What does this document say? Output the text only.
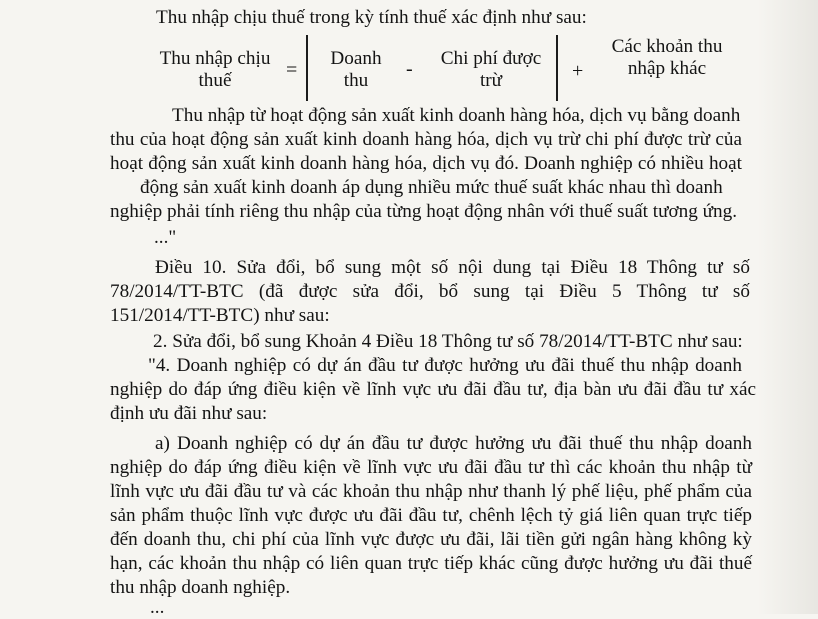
Thu nhập chịu thuế trong kỳ tính thuế xác định như sau:
Thu nhập chịu
thuế	=
Doanh
thu
-	Chi phí được
trừ	+
Các khoản thu
nhập khác
Thu nhập từ hoạt động sản xuất kinh doanh hàng hóa, dịch vụ bằng doanh
thu của hoạt động sản xuất kinh doanh hàng hóa, dịch vụ trừ chi phí được trừ của
hoạt động sản xuất kinh doanh hàng hóa, dịch vụ đó. Doanh nghiệp có nhiều hoạt
động sản xuất kinh doanh áp dụng nhiều mức thuế suất khác nhau thì doanh
nghiệp phải tính riêng thu nhập của từng hoạt động nhân với thuế suất tương ứng.
..."
Điều 10. Sửa đổi, bổ sung một số nội dung tại Điều 18 Thông tư số
78/2014/TT-BTC (đã được sửa đổi, bổ sung tại Điều 5 Thông tư số
151/2014/TT-BTC) như sau:
2. Sửa đổi, bổ sung Khoản 4 Điều 18 Thông tư số 78/2014/TT-BTC như sau:
"4. Doanh nghiệp có dự án đầu tư được hưởng ưu đãi thuế thu nhập doanh
nghiệp do đáp ứng điều kiện về lĩnh vực ưu đãi đầu tư, địa bàn ưu đãi đầu tư xác
định ưu đãi như sau:
a) Doanh nghiệp có dự án đầu tư được hưởng ưu đãi thuế thu nhập doanh
nghiệp do đáp ứng điều kiện về lĩnh vực ưu đãi đầu tư thì các khoản thu nhập từ
lĩnh vực ưu đãi đầu tư và các khoản thu nhập như thanh lý phế liệu, phế phẩm của
sản phẩm thuộc lĩnh vực được ưu đãi đầu tư, chênh lệch tỷ giá liên quan trực tiếp
đến doanh thu, chi phí của lĩnh vực được ưu đãi, lãi tiền gửi ngân hàng không kỳ
hạn, các khoản thu nhập có liên quan trực tiếp khác cũng được hưởng ưu đãi thuế
thu nhập doanh nghiệp.
...
